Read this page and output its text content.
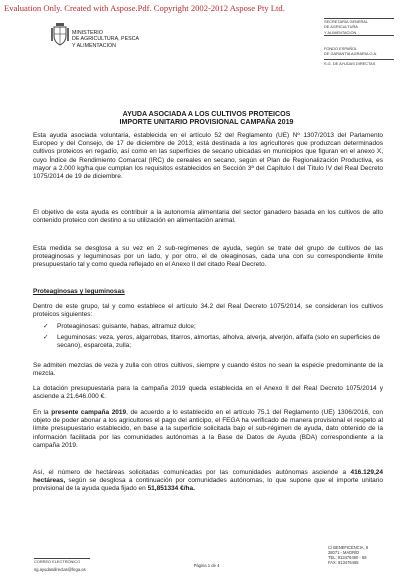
Evaluation Only. Created with Aspose.Pdf. Copyright 2002-2012 Aspose Pty Ltd.
MINISTERIO
DE AGRICULTURA, PESCA
Y ALIMENTACION
SECRETARIA GENERAL
DE AGRICULTURA
Y ALIMENTACION
FONDO ESPAÑOL
DE GARANTIA AGRARIA O.A.
S.G. DE AYUDAS DIRECTAS
AYUDA ASOCIADA A LOS CULTIVOS PROTEICOS
IMPORTE UNITARIO PROVISIONAL CAMPAÑA 2019
Esta ayuda asociada voluntaria, establecida en el artículo 52 del Reglamento (UE) Nº 1307/2013 del Parlamento Europeo y del Consejo, de 17 de diciembre de 2013, está destinada a los agricultores que produzcan determinados cultivos proteicos en regadío, así como en las superficies de secano ubicadas en municipios que figuran en el anexo X, cuyo Índice de Rendimiento Comarcal (IRC) de cereales en secano, según el Plan de Regionalización Productiva, es mayor a 2.000 kg/ha que cumplan los requisitos establecidos en Sección 3ª del Capítulo I del Título IV del Real Decreto 1075/2014 de 19 de diciembre.
El objetivo de esta ayuda es contribuir a la autonomía alimentaria del sector ganadero basada en los cultivos de alto contenido proteico con destino a su utilización en alimentación animal.
Esta medida se desglosa a su vez en 2 sub-regímenes de ayuda, según se trate del grupo de cultivos de las proteaginosas y leguminosas por un lado, y por otro, el de oleaginosas, cada una con su correspondiente límite presupuestario tal y como queda reflejado en el Anexo II del citado Real Decreto.
Proteaginosas y leguminosas
Dentro de este grupo, tal y como establece el artículo 34.2 del Real Decreto 1075/2014, se consideran los cultivos proteicos siguientes:
✓	Proteaginosas: guisante, habas, altramuz dulce;
✓	Leguminosas: veza, yeros, algarrobas, titarros, almortas, alholva, alverja, alverjón, alfalfa (solo en superficies de secano), esparceta, zulla;
Se admiten mezclas de veza y zulla con otros cultivos, siempre y cuando éstos no sean la especie predominante de la mezcla.
La dotación presupuestaria para la campaña 2019 queda establecida en el Anexo II del Real Decreto 1075/2014 y asciende a 21.646.000 €.
En la presente campaña 2019, de acuerdo a lo establecido en el artículo 75.1 del Reglamento (UE) 1306/2016, con objeto de poder abonar a los agricultores el pago del anticipo, el FEGA ha verificado de manera provisional el respeto al límite presupuestario establecido, en base a la superficie solicitada bajo el sub-régimen de ayuda, dato obtenido de la información facilitada por las comunidades autónomas a la Base de Datos de Ayuda (BDA) correspondiente a la campaña 2019.
Así, el número de hectáreas solicitadas comunicadas por las comunidades autónomas asciende a 416.129,24 hectáreas, según se desglosa a continuación por comunidades autónomas, lo que supone que el importe unitario provisional de la ayuda queda fijado en 51,851334 €/ha.
CORREO ELECTRÓNICO
sg.ayudasdirectas@fega.es
Página 1 de 4
C/ BENEFICENCIA, 8
28071 - MADRID
TEL: 913476460 - 68
FAX: 913476465
